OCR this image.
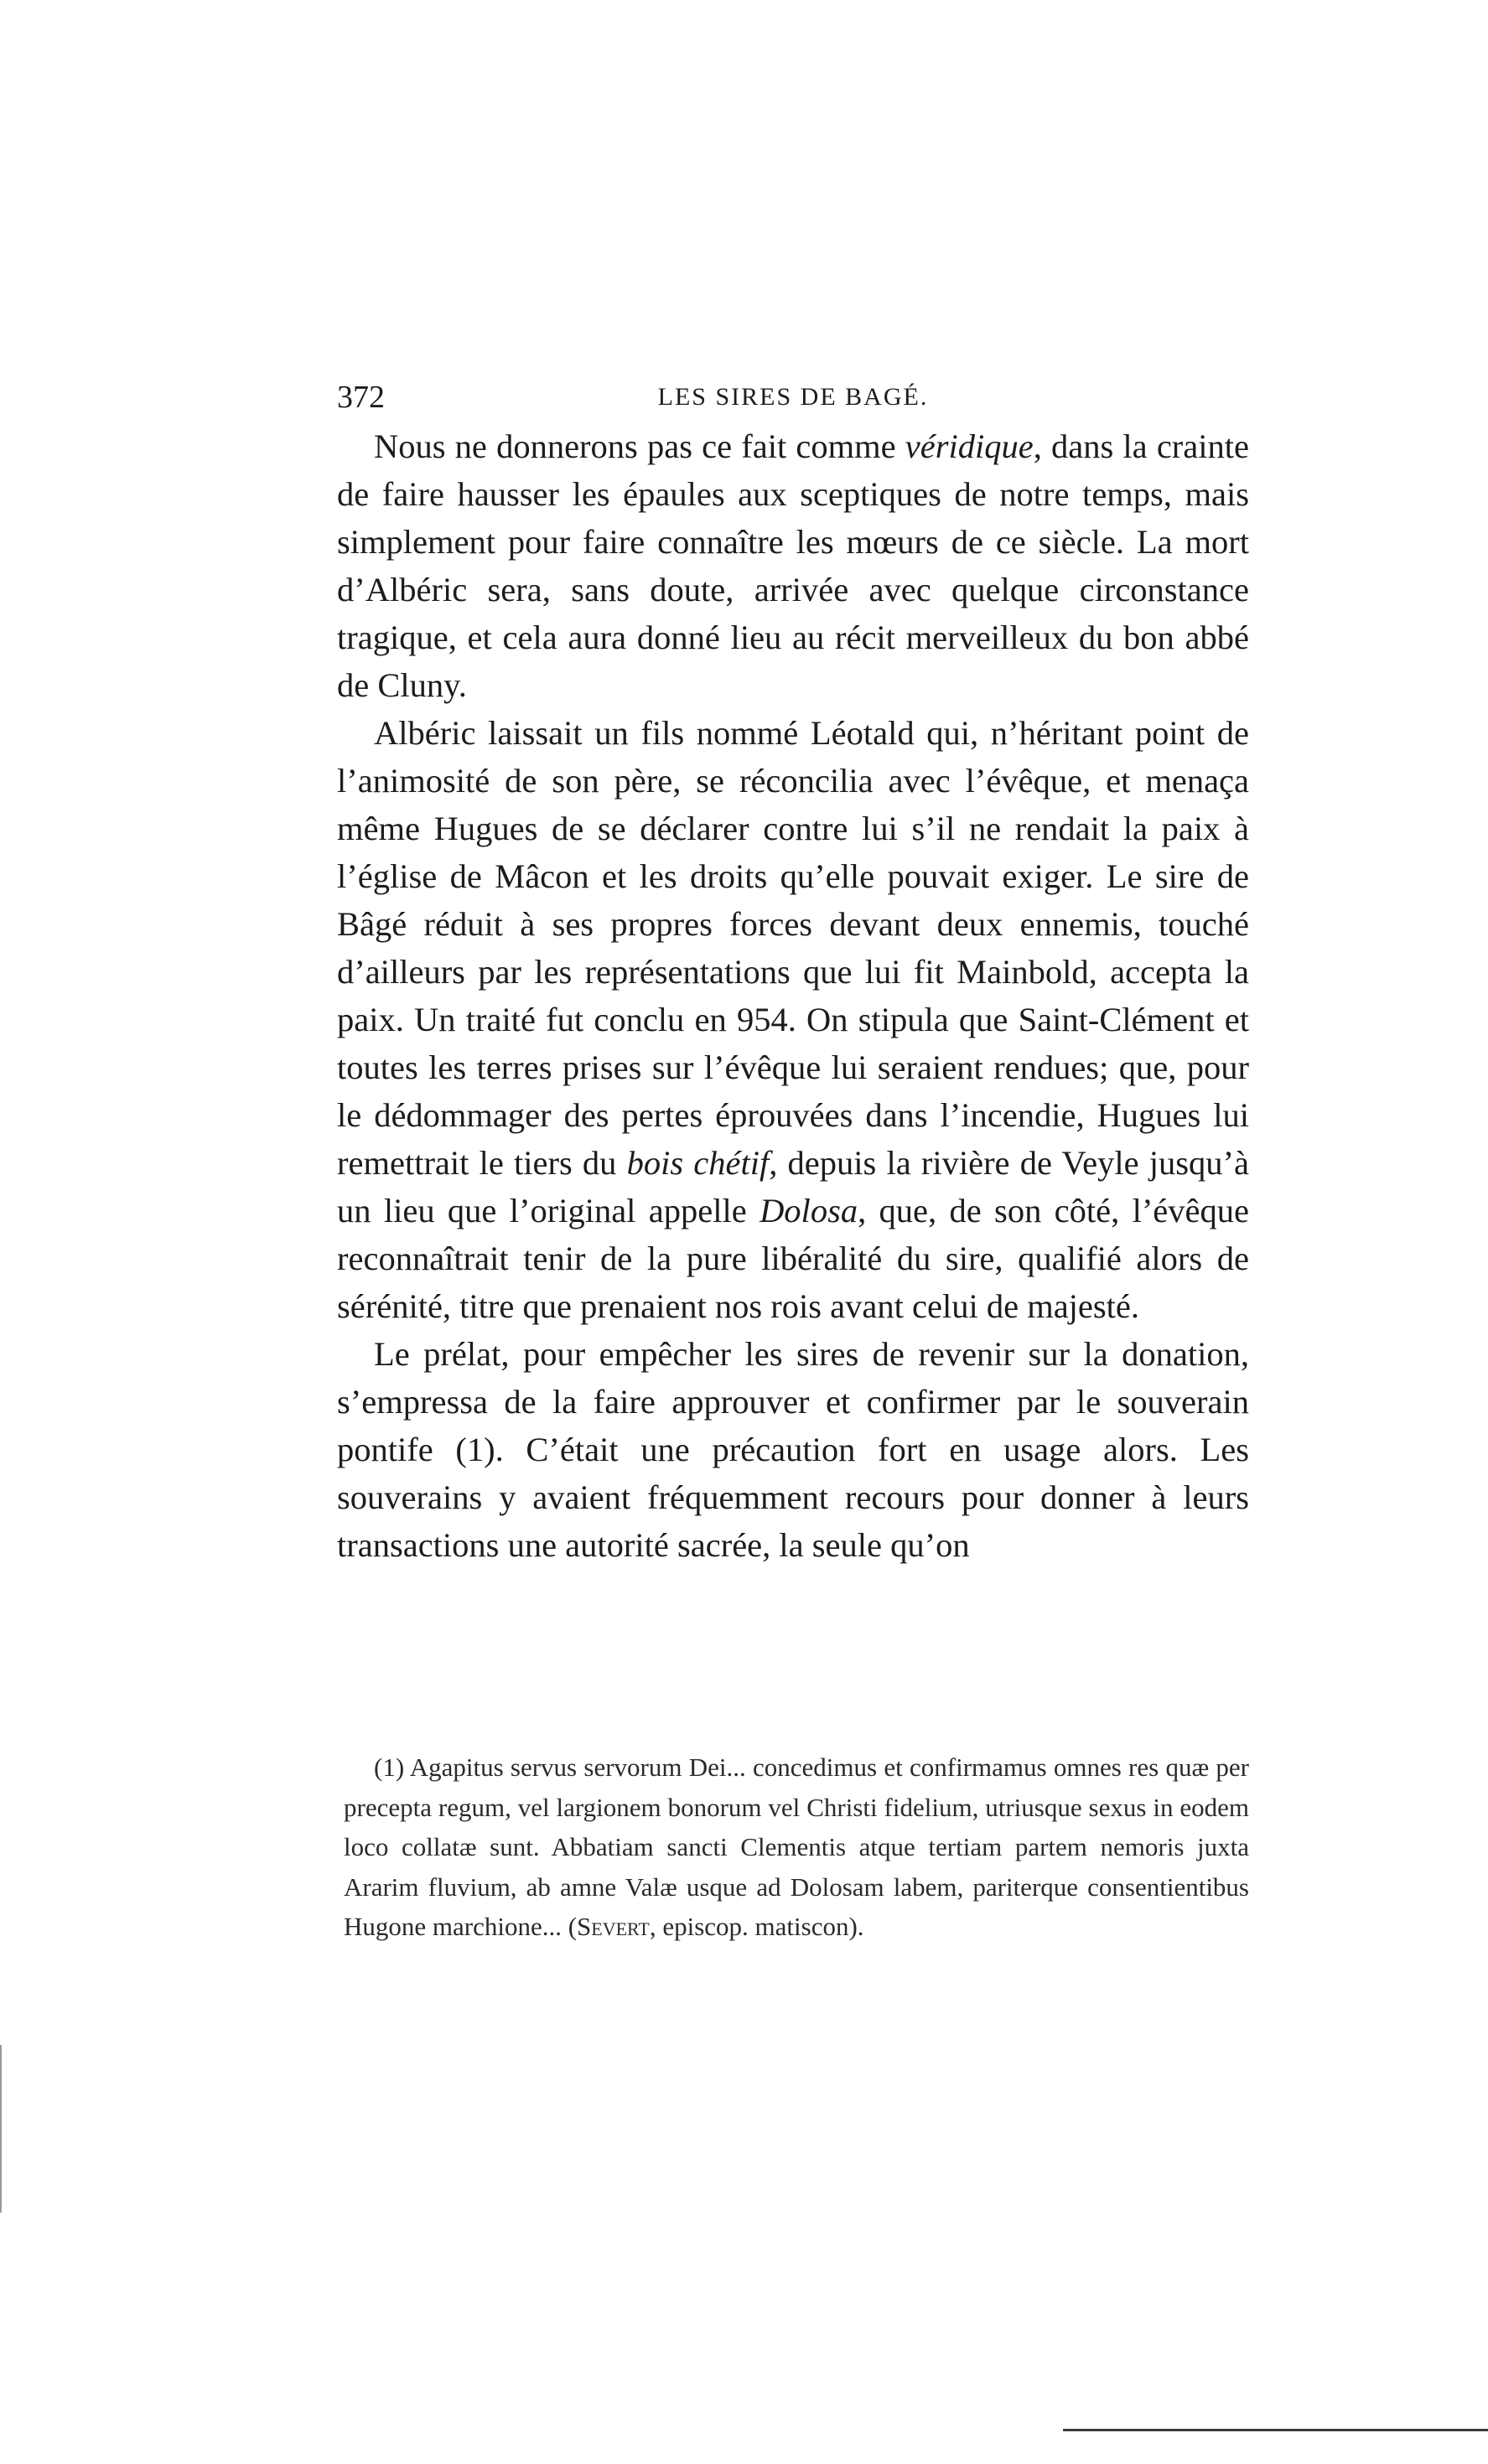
372	LES SIRES DE BAGÉ.

Nous ne donnerons pas ce fait comme véridique, dans la crainte de faire hausser les épaules aux sceptiques de notre temps, mais simplement pour faire connaître les mœurs de ce siècle. La mort d’Albéric sera, sans doute, arrivée avec quelque circonstance tragique, et cela aura donné lieu au récit merveilleux du bon abbé de Cluny.

Albéric laissait un fils nommé Léotald qui, n’héritant point de l’animosité de son père, se réconcilia avec l’évêque, et menaça même Hugues de se déclarer contre lui s’il ne rendait la paix à l’église de Mâcon et les droits qu’elle pouvait exiger. Le sire de Bâgé réduit à ses propres forces devant deux ennemis, touché d’ailleurs par les représentations que lui fit Mainbold, accepta la paix. Un traité fut conclu en 954. On stipula que Saint-Clément et toutes les terres prises sur l’évêque lui seraient rendues; que, pour le dédommager des pertes éprouvées dans l’incendie, Hugues lui remettrait le tiers du bois chétif, depuis la rivière de Veyle jusqu’à un lieu que l’original appelle Dolosa, que, de son côté, l’évêque reconnaîtrait tenir de la pure libéralité du sire, qualifié alors de sérénité, titre que prenaient nos rois avant celui de majesté.

Le prélat, pour empêcher les sires de revenir sur la donation, s’empressa de la faire approuver et confirmer par le souverain pontife (1). C’était une précaution fort en usage alors. Les souverains y avaient fréquemment recours pour donner à leurs transactions une autorité sacrée, la seule qu’on

(1) Agapitus servus servorum Dei... concedimus et confirmamus omnes res quæ per precepta regum, vel largionem bonorum vel Christi fidelium, utriusque sexus in eodem loco collatæ sunt. Abbatiam sancti Clementis atque tertiam partem nemoris juxta Ararim fluvium, ab amne Valæ usque ad Dolosam labem, pariterque consentientibus Hugone marchione... (Severt, episcop. matiscon).
